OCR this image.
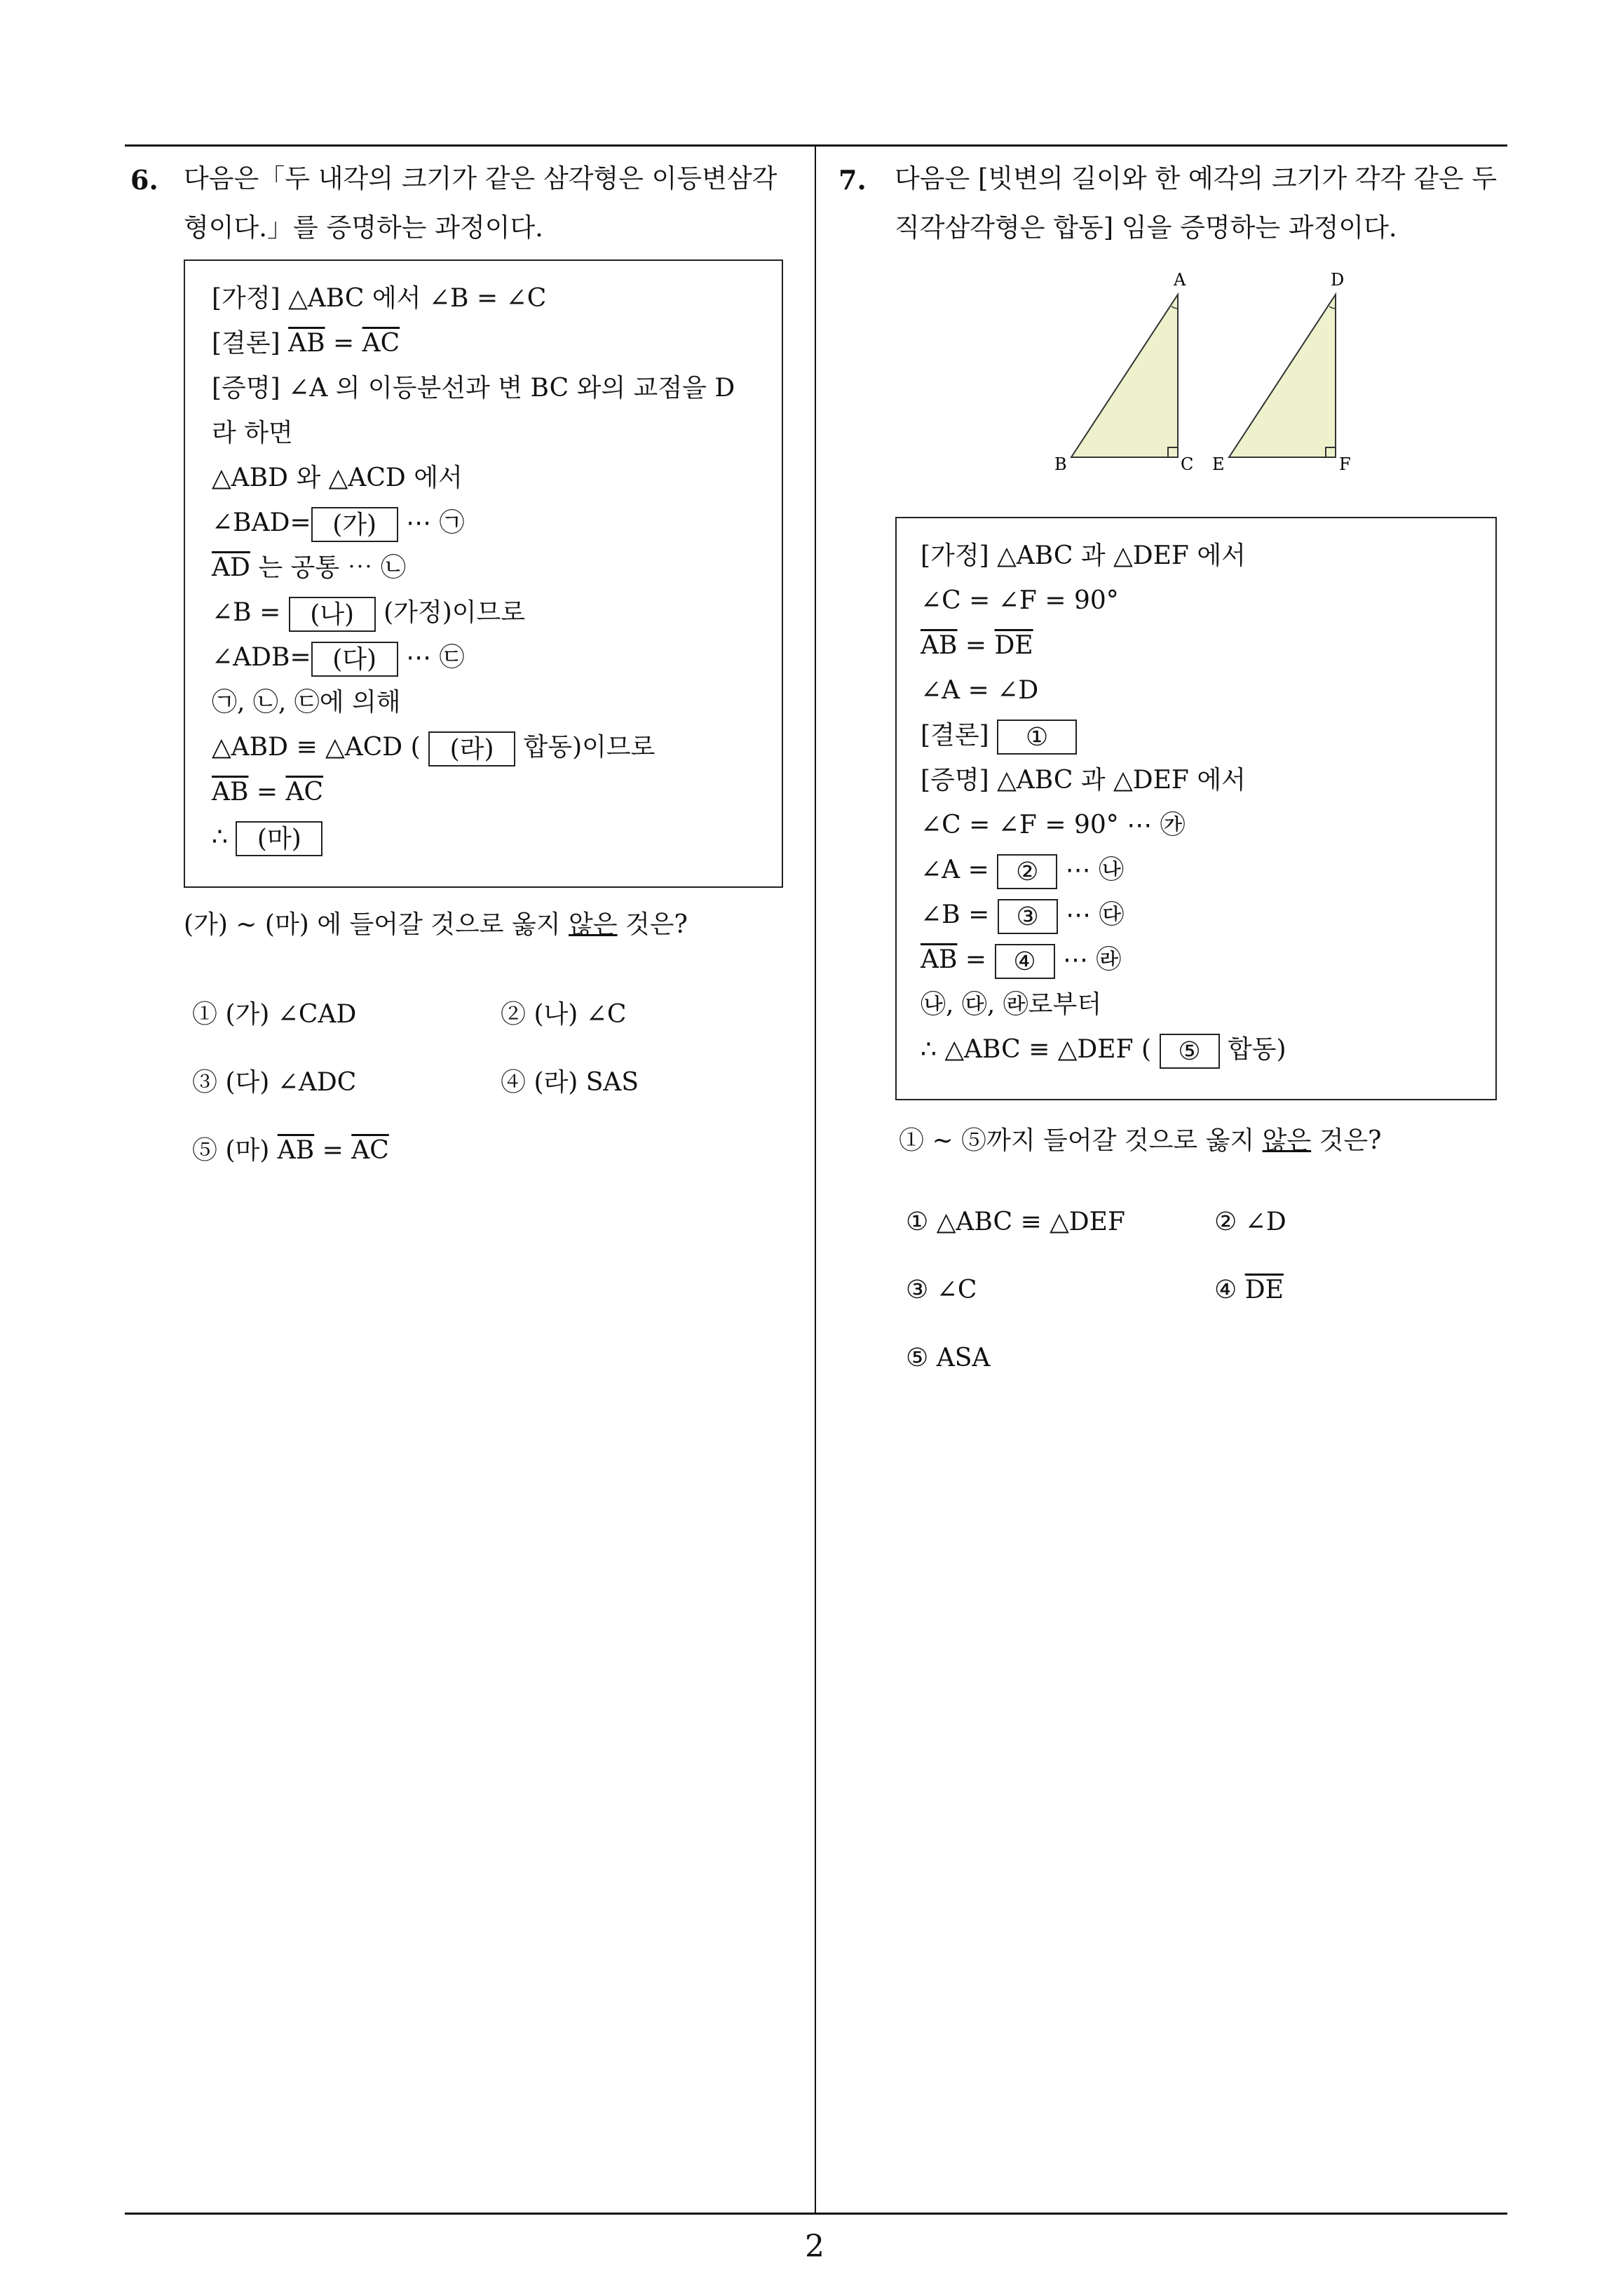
2
6. 다음은「두 내각의 크기가 같은 삼각형은 이등변삼각
형이다.」를 증명하는 과정이다.
[가정] △ABC 에서 ∠B = ∠C
[결론] $\overline{AB} = \overline{AC}$
[증명] ∠A 의 이등분선과 변 BC 와의 교점을 D
라 하면
△ABD 와 △ACD 에서
∠BAD= (가) ⋯ ㉠
$\overline{AD}$ 는 공통 ⋯ ㉡
∠B = (나) (가정)이므로
∠ADB= (다) ⋯ ㉢
㉠, ㉡, ㉢에 의해
△ABD ≡ △ACD ( (라) 합동)이므로
$\overline{AB} = \overline{AC}$
∴ (마)
(가) ~ (마) 에 들어갈 것으로 옳지 않은 것은?
① (가) ∠CAD	② (나) ∠C
③ (다) ∠ADC	④ (라) SAS
⑤ (마) $\overline{AB} = \overline{AC}$
7. 다음은 [빗변의 길이와 한 예각의 크기가 각각 같은 두
직각삼각형은 합동] 임을 증명하는 과정이다.
A
B	C
D
E	F
[가정] △ABC 과 △DEF 에서
∠C = ∠F = 90°
$\overline{AB} = \overline{DE}$
∠A = ∠D
[결론] ①
[증명] △ABC 과 △DEF 에서
∠C = ∠F = 90° ⋯ ㉮
∠A = ② ⋯ ㉯
∠B = ③ ⋯ ㉰
$\overline{AB}$ = ④ ⋯ ㉱
㉯, ㉰, ㉱로부터
∴ △ABC ≡ △DEF ( ⑤ 합동)
① ~ ⑤까지 들어갈 것으로 옳지 않은 것은?
① △ABC ≡ △DEF	② ∠D
③ ∠C	④ $\overline{DE}$
⑤ ASA
